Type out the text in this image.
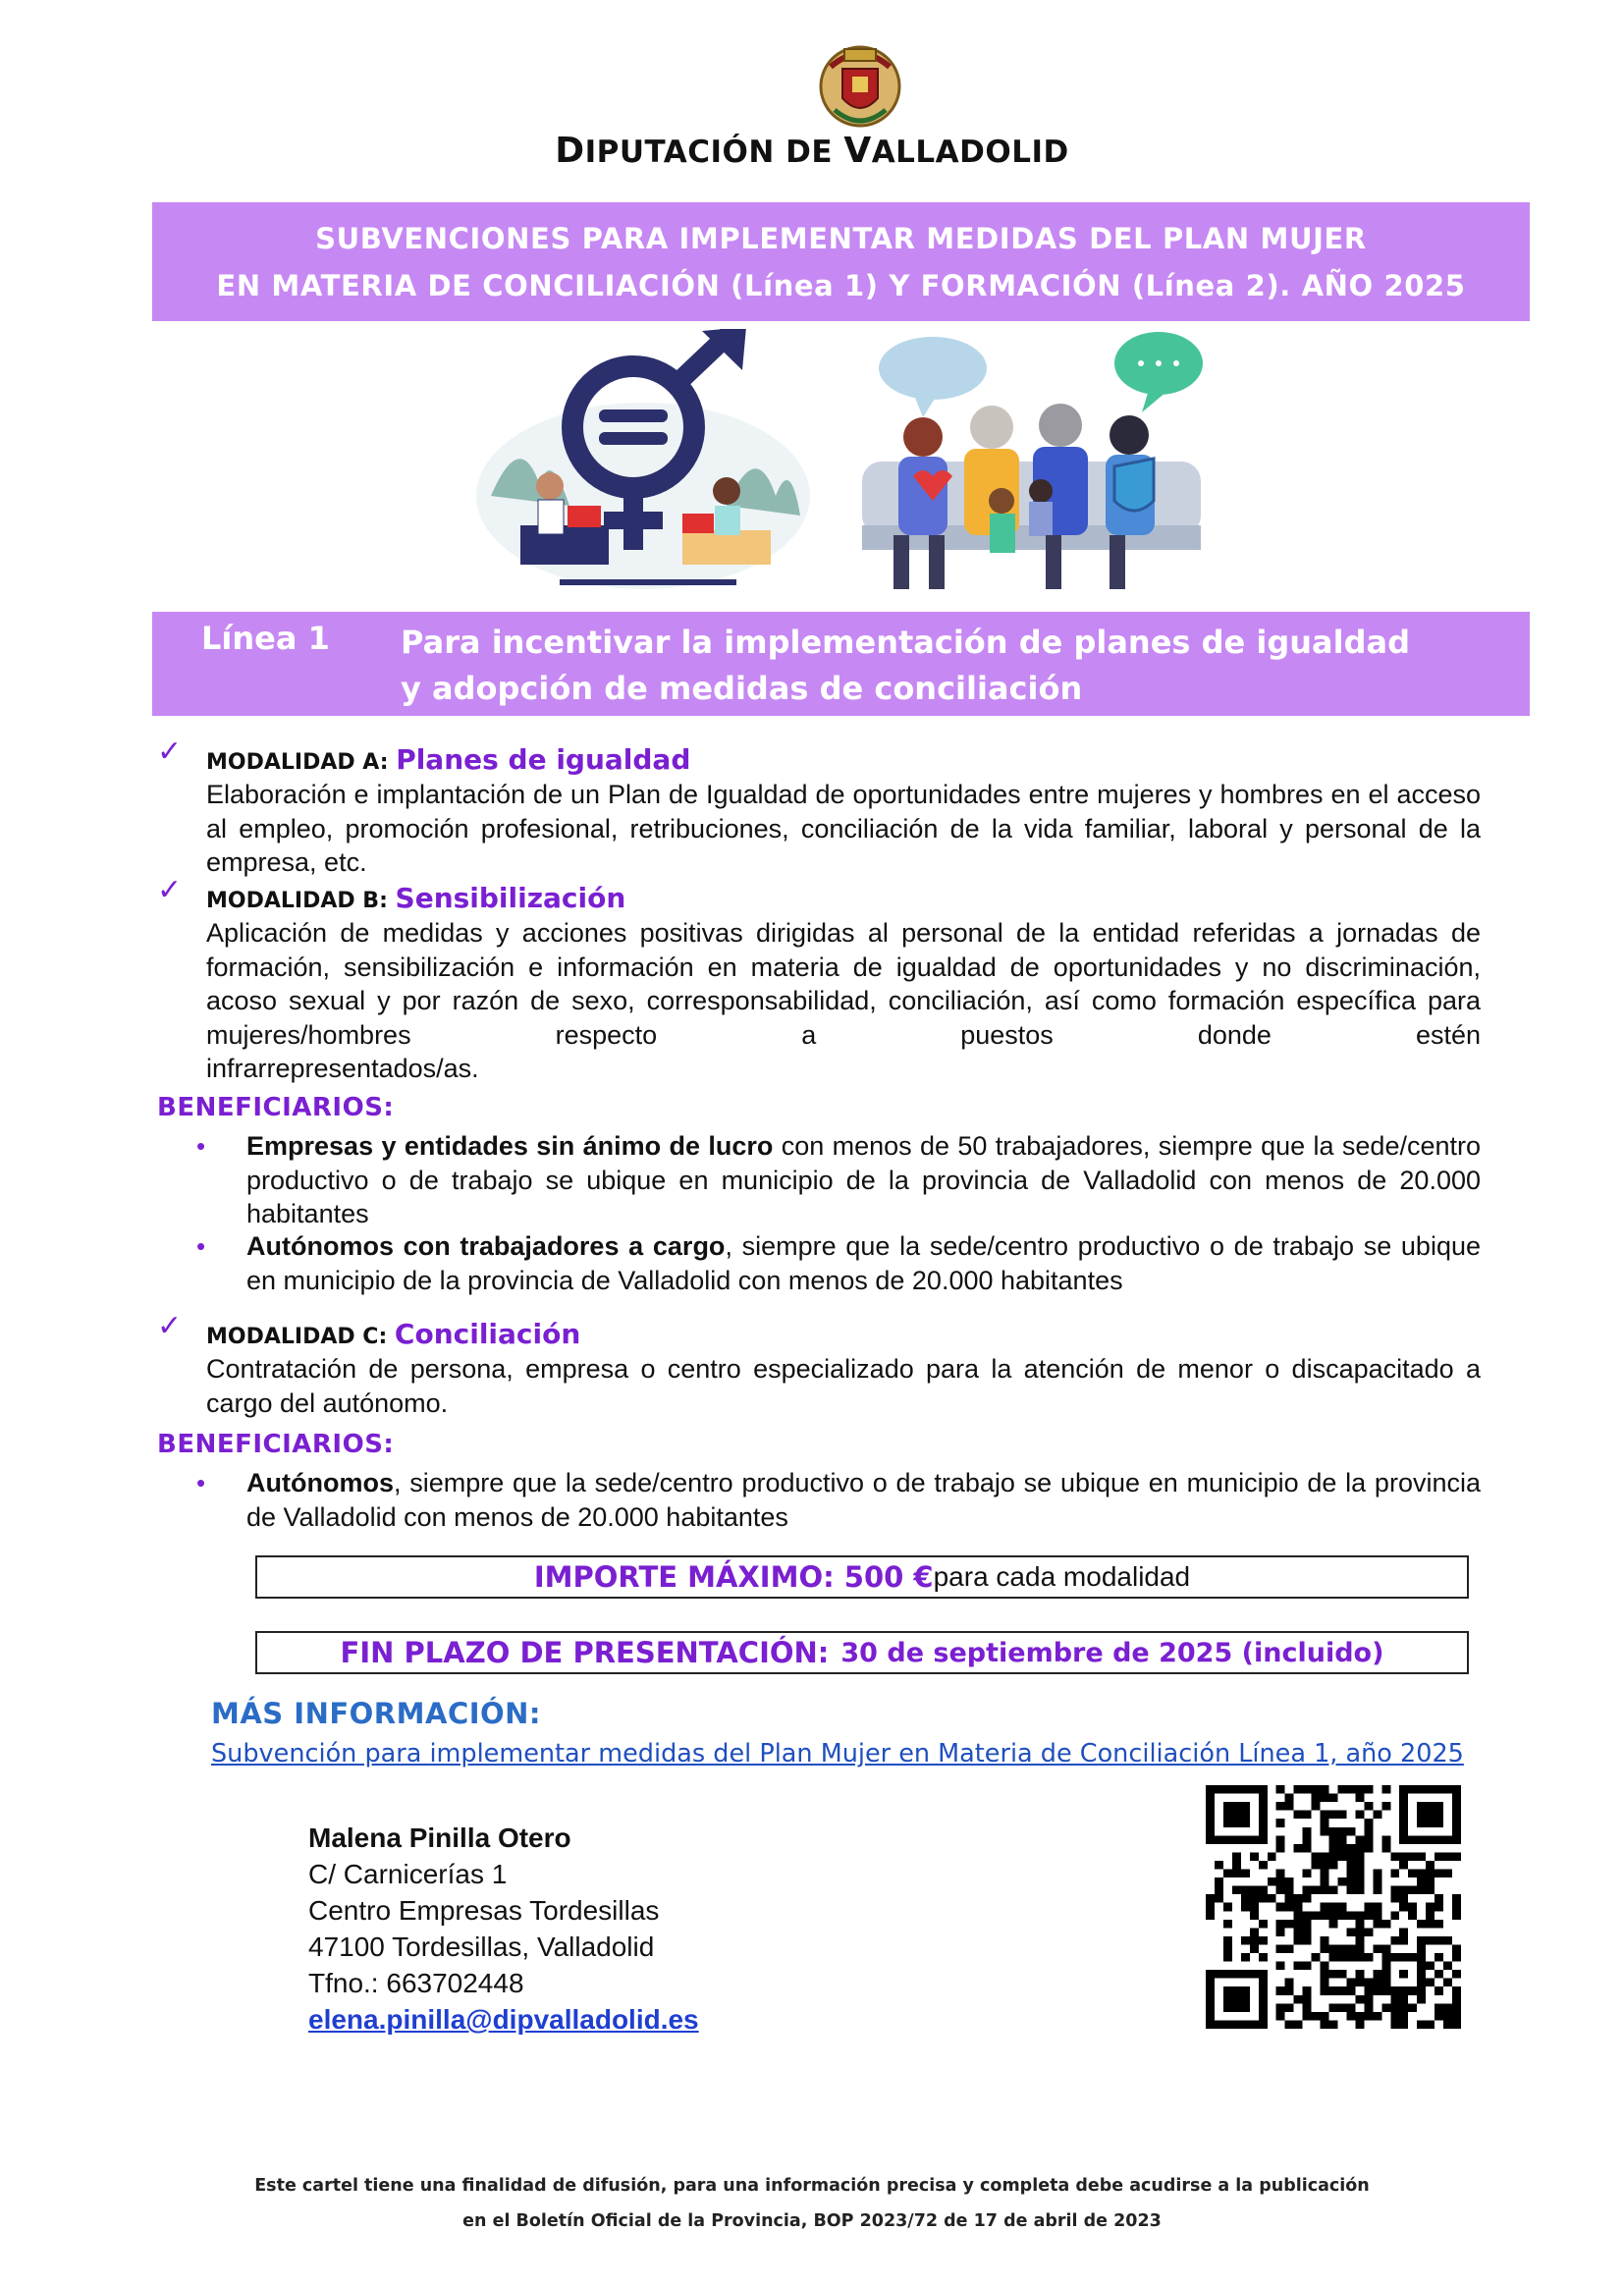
DIPUTACIÓN DE VALLADOLID
SUBVENCIONES PARA IMPLEMENTAR MEDIDAS DEL PLAN MUJER
EN MATERIA DE CONCILIACIÓN (Línea 1) Y FORMACIÓN (Línea 2). AÑO 2025
Línea 1 Para incentivar la implementación de planes de igualdad
y adopción de medidas de conciliación
✓ MODALIDAD A: Planes de igualdad
Elaboración e implantación de un Plan de Igualdad de oportunidades entre mujeres y hombres en el acceso al empleo, promoción profesional, retribuciones, conciliación de la vida familiar, laboral y personal de la empresa, etc.
✓ MODALIDAD B: Sensibilización
Aplicación de medidas y acciones positivas dirigidas al personal de la entidad referidas a jornadas de formación, sensibilización e información en materia de igualdad de oportunidades y no discriminación, acoso sexual y por razón de sexo, corresponsabilidad, conciliación, así como formación específica para mujeres/hombres respecto a puestos donde estén
infrarrepresentados/as.
BENEFICIARIOS:
• Empresas y entidades sin ánimo de lucro con menos de 50 trabajadores, siempre que la sede/centro productivo o de trabajo se ubique en municipio de la provincia de Valladolid con menos de 20.000 habitantes
• Autónomos con trabajadores a cargo, siempre que la sede/centro productivo o de trabajo se ubique en municipio de la provincia de Valladolid con menos de 20.000 habitantes
✓ MODALIDAD C: Conciliación
Contratación de persona, empresa o centro especializado para la atención de menor o discapacitado a cargo del autónomo.
BENEFICIARIOS:
• Autónomos, siempre que la sede/centro productivo o de trabajo se ubique en municipio de la provincia de Valladolid con menos de 20.000 habitantes
IMPORTE MÁXIMO: 500 € para cada modalidad
FIN PLAZO DE PRESENTACIÓN : 30 de septiembre de 2025 (incluido)
MÁS INFORMACIÓN:
Subvención para implementar medidas del Plan Mujer en Materia de Conciliación Línea 1, año 2025
Malena Pinilla Otero
C/ Carnicerías 1
Centro Empresas Tordesillas
47100 Tordesillas, Valladolid
Tfno.: 663702448
elena.pinilla@dipvalladolid.es
Este cartel tiene una finalidad de difusión, para una información precisa y completa debe acudirse a la publicación
en el Boletín Oficial de la Provincia, BOP 2023/72 de 17 de abril de 2023
